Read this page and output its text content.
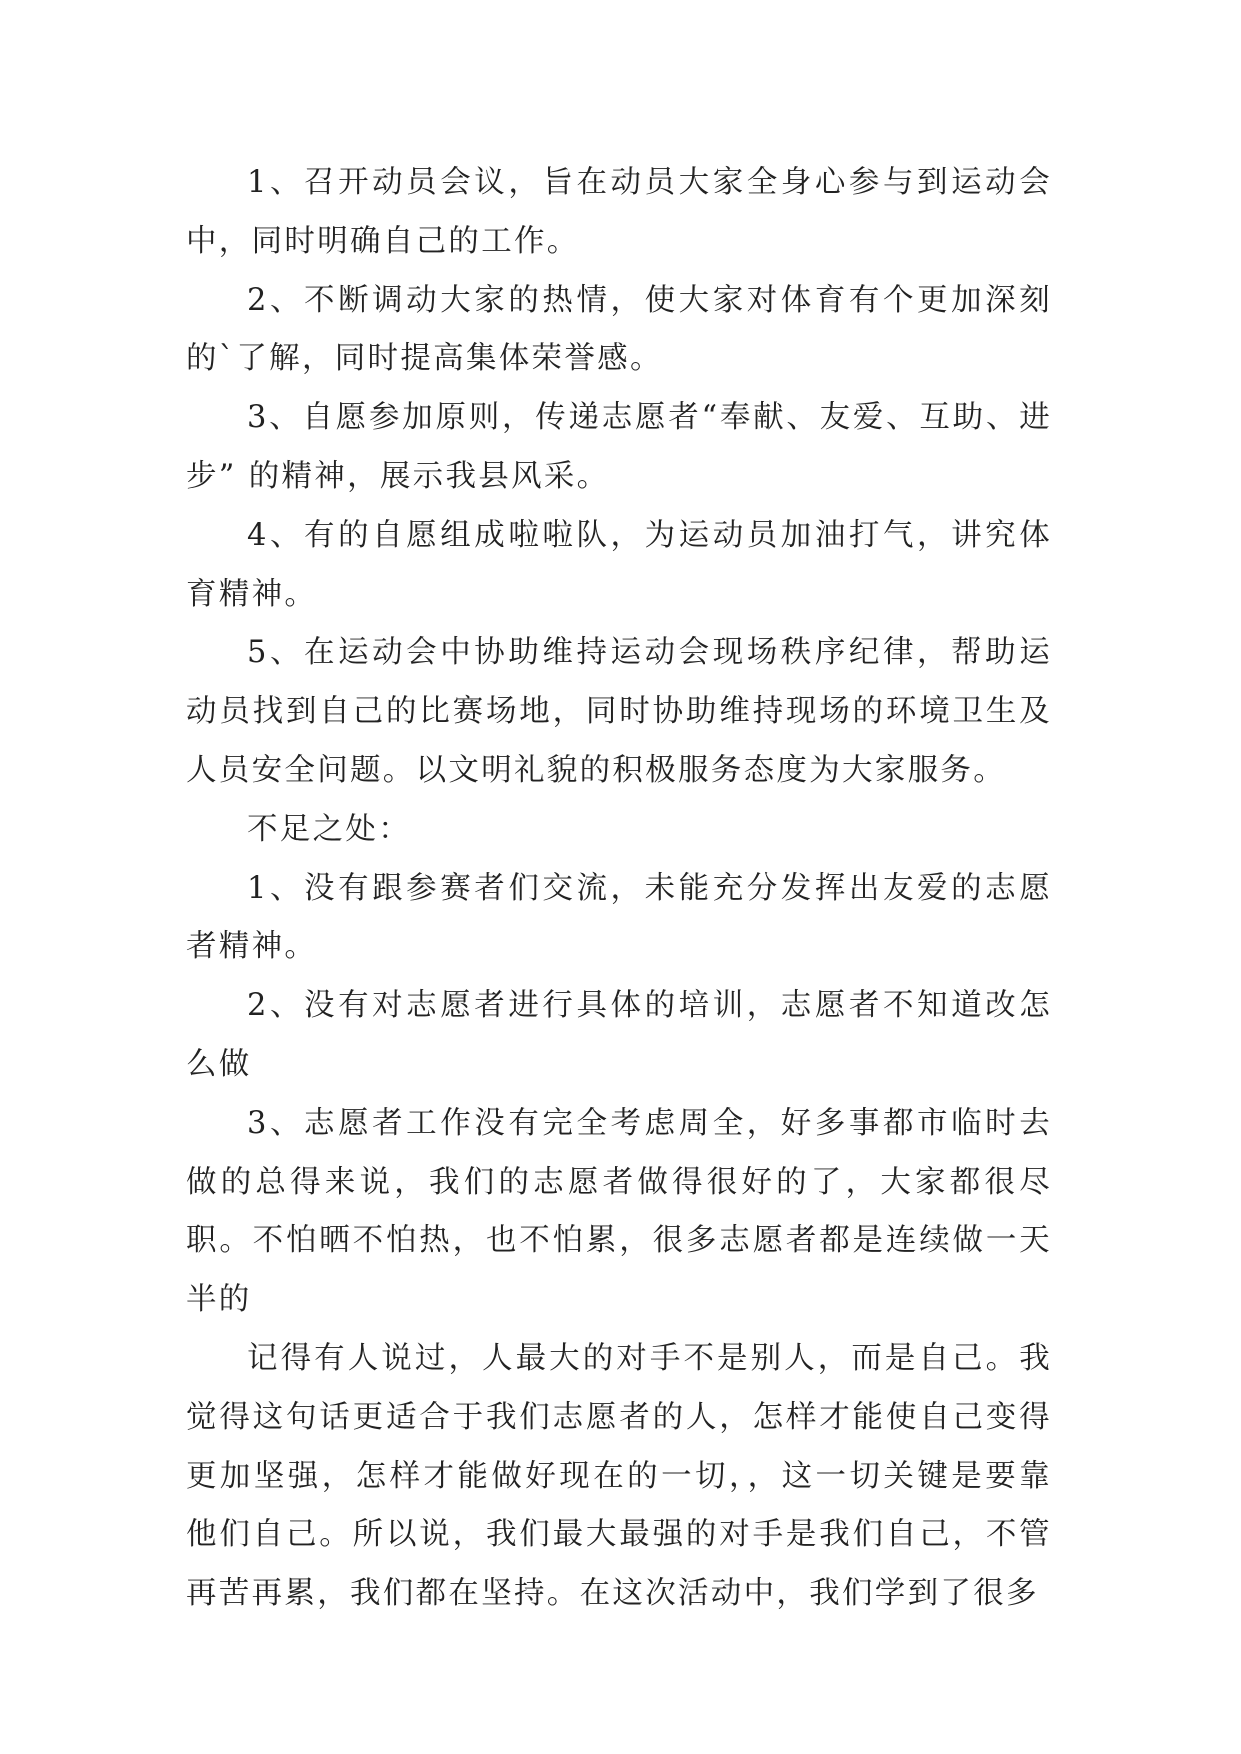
1、召开动员会议，旨在动员大家全身心参与到运动会中，同时明确自己的工作。

2、不断调动大家的热情，使大家对体育有个更加深刻的`了解，同时提高集体荣誉感。

3、自愿参加原则，传递志愿者“奉献、友爱、互助、进步” 的精神，展示我县风采。

4、有的自愿组成啦啦队，为运动员加油打气，讲究体育精神。

5、在运动会中协助维持运动会现场秩序纪律，帮助运动员找到自己的比赛场地，同时协助维持现场的环境卫生及人员安全问题。以文明礼貌的积极服务态度为大家服务。

不足之处：

1、没有跟参赛者们交流，未能充分发挥出友爱的志愿者精神。

2、没有对志愿者进行具体的培训，志愿者不知道改怎么做

3、志愿者工作没有完全考虑周全，好多事都市临时去做的总得来说，我们的志愿者做得很好的了，大家都很尽职。不怕晒不怕热，也不怕累，很多志愿者都是连续做一天半的

记得有人说过，人最大的对手不是别人，而是自己。我觉得这句话更适合于我们志愿者的人，怎样才能使自己变得更加坚强，怎样才能做好现在的一切，，这一切关键是要靠他们自己。所以说，我们最大最强的对手是我们自己，不管再苦再累，我们都在坚持。在这次活动中，我们学到了很多
